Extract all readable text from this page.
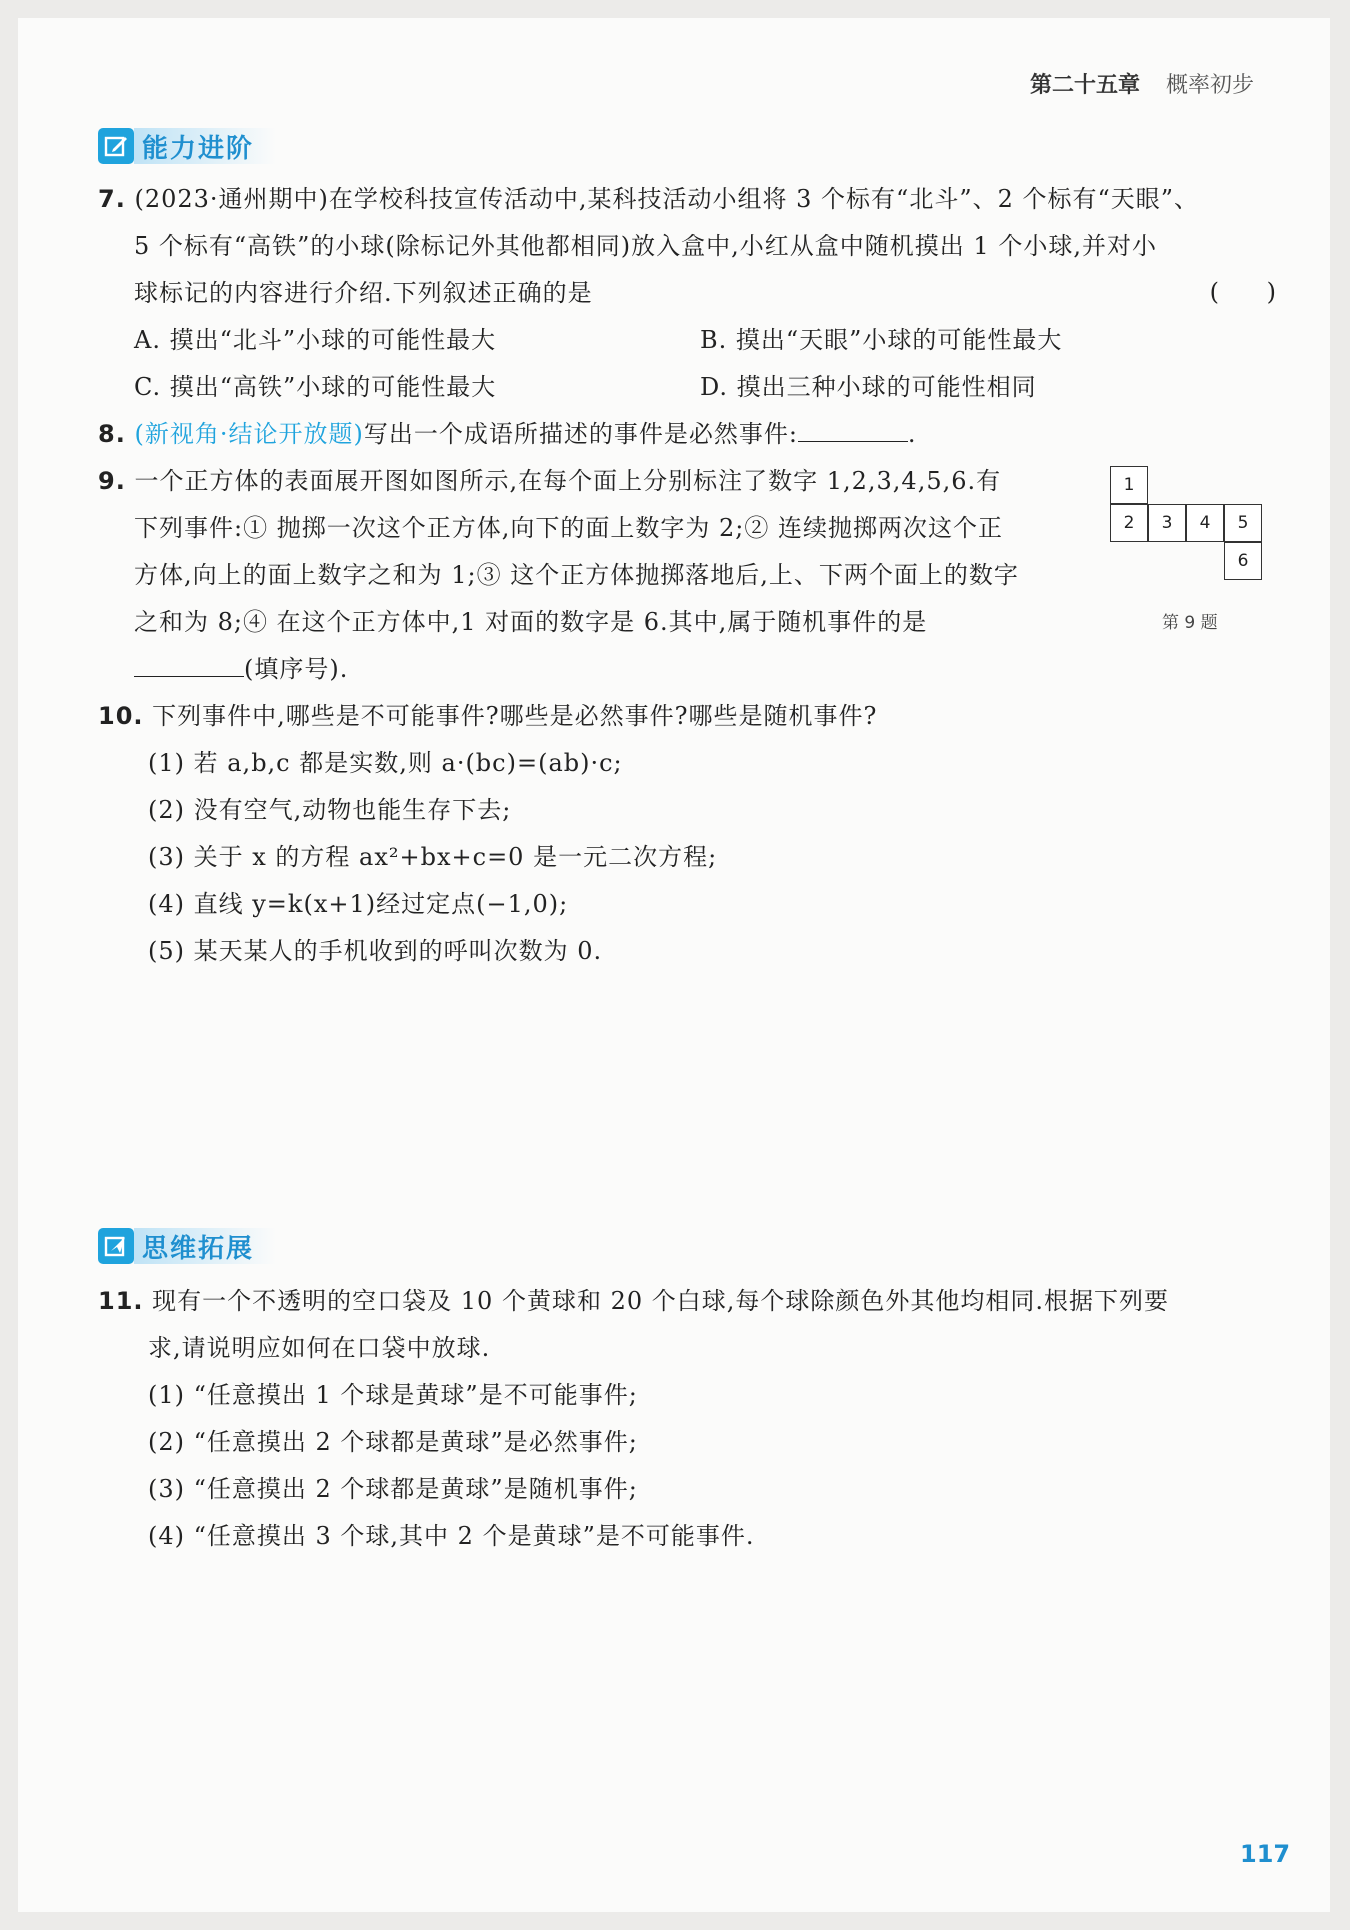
第二十五章 概率初步
能力进阶
7. (2023·通州期中)在学校科技宣传活动中,某科技活动小组将 3 个标有“北斗”、2 个标有“天眼”、
5 个标有“高铁”的小球(除标记外其他都相同)放入盒中,小红从盒中随机摸出 1 个小球,并对小
球标记的内容进行介绍.下列叙述正确的是	( )
A. 摸出“北斗”小球的可能性最大	B. 摸出“天眼”小球的可能性最大
C. 摸出“高铁”小球的可能性最大	D. 摸出三种小球的可能性相同
8. (新视角·结论开放题)写出一个成语所描述的事件是必然事件:	.
9. 一个正方体的表面展开图如图所示,在每个面上分别标注了数字 1,2,3,4,5,6.有
下列事件:① 抛掷一次这个正方体,向下的面上数字为 2;② 连续抛掷两次这个正
方体,向上的面上数字之和为 1;③ 这个正方体抛掷落地后,上、下两个面上的数字
之和为 8;④ 在这个正方体中,1 对面的数字是 6.其中,属于随机事件的是
(填序号).
1
2	3	4	5
6
第 9 题
10. 下列事件中,哪些是不可能事件?哪些是必然事件?哪些是随机事件?
(1) 若 a,b,c 都是实数,则 a·(bc)=(ab)·c;
(2) 没有空气,动物也能生存下去;
(3) 关于 x 的方程 ax²+bx+c=0 是一元二次方程;
(4) 直线 y=k(x+1)经过定点(−1,0);
(5) 某天某人的手机收到的呼叫次数为 0.
思维拓展
11. 现有一个不透明的空口袋及 10 个黄球和 20 个白球,每个球除颜色外其他均相同.根据下列要
求,请说明应如何在口袋中放球.
(1) “任意摸出 1 个球是黄球”是不可能事件;
(2) “任意摸出 2 个球都是黄球”是必然事件;
(3) “任意摸出 2 个球都是黄球”是随机事件;
(4) “任意摸出 3 个球,其中 2 个是黄球”是不可能事件.
117
